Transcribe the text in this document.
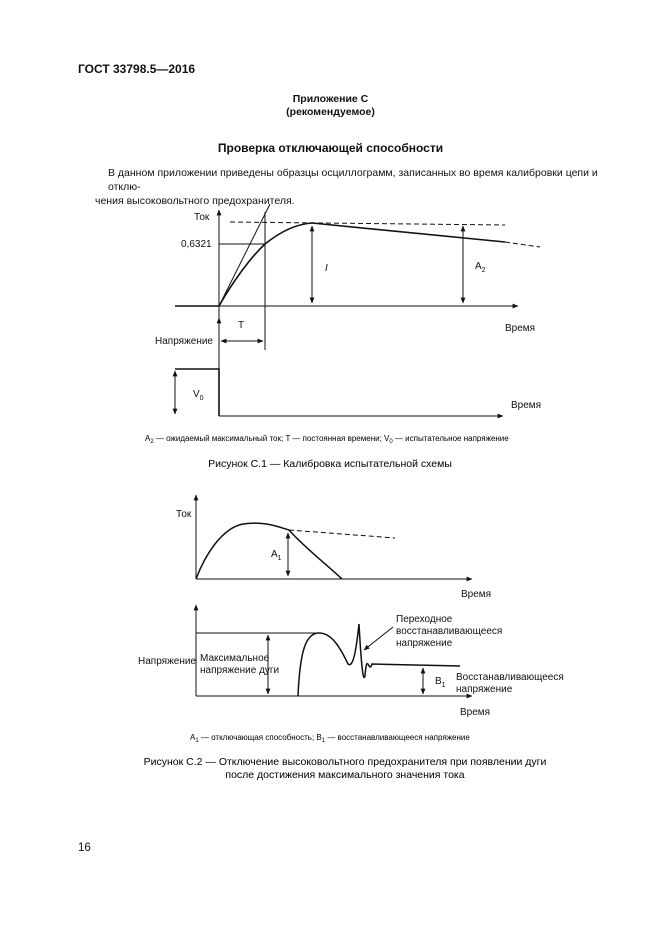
ГОСТ 33798.5—2016
Приложение С
(рекомендуемое)
Проверка отключающей способности
В данном приложении приведены образцы осциллограмм, записанных во время калибровки цепи и отклю-
чения высоковольтного предохранителя.
Ток
0,6321
I	$A_2$
T	Время
Напряжение
$V_0$
Время
$A_2$ — ожидаемый максимальный ток; T — постоянная времени; $V_0$ — испытательное напряжение
Рисунок С.1 — Калибровка испытательной схемы
Ток
$A_1$
Время
Переходное
восстанавливающееся
напряжение
Напряжение Максимальное
напряжение дуги
$B_1$
Восстанавливающееся
напряжение
Время
$A_1$ — отключающая способность; $B_1$ — восстанавливающееся напряжение
Рисунок С.2 — Отключение высоковольтного предохранителя при появлении дуги
после достижения максимального значения тока
16
